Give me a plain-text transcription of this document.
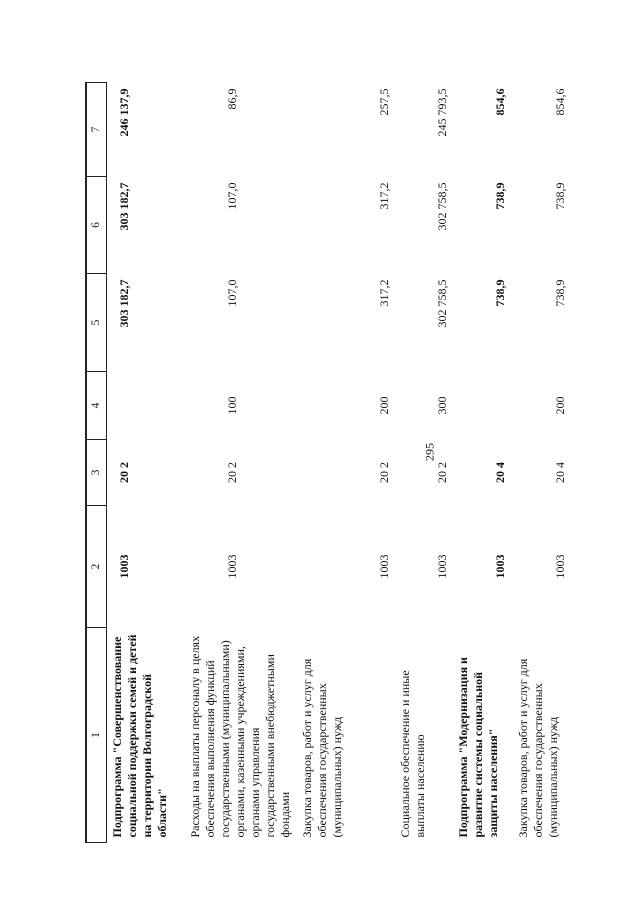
295
1	2	3	4	5	6	7
Подпрограмма "Совершенствование социальной поддержки семей и детей на территории Волгоградской области"	1003	20 2		303 182,7	303 182,7	246 137,9
Расходы на выплаты персоналу в целях обеспечения выполнения функций государственными (муниципальными) органами, казенными учреждениями, органами управления государственными внебюджетными фондами	1003	20 2	100	107,0	107,0	86,9
Закупка товаров, работ и услуг для обеспечения государственных (муниципальных) нужд	1003	20 2	200	317,2	317,2	257,5
Социальное обеспечение и иные выплаты населению	1003	20 2	300	302 758,5	302 758,5	245 793,5
Подпрограмма "Модернизация и развитие системы социальной защиты населения"	1003	20 4		738,9	738,9	854,6
Закупка товаров, работ и услуг для обеспечения государственных (муниципальных) нужд	1003	20 4	200	738,9	738,9	854,6
